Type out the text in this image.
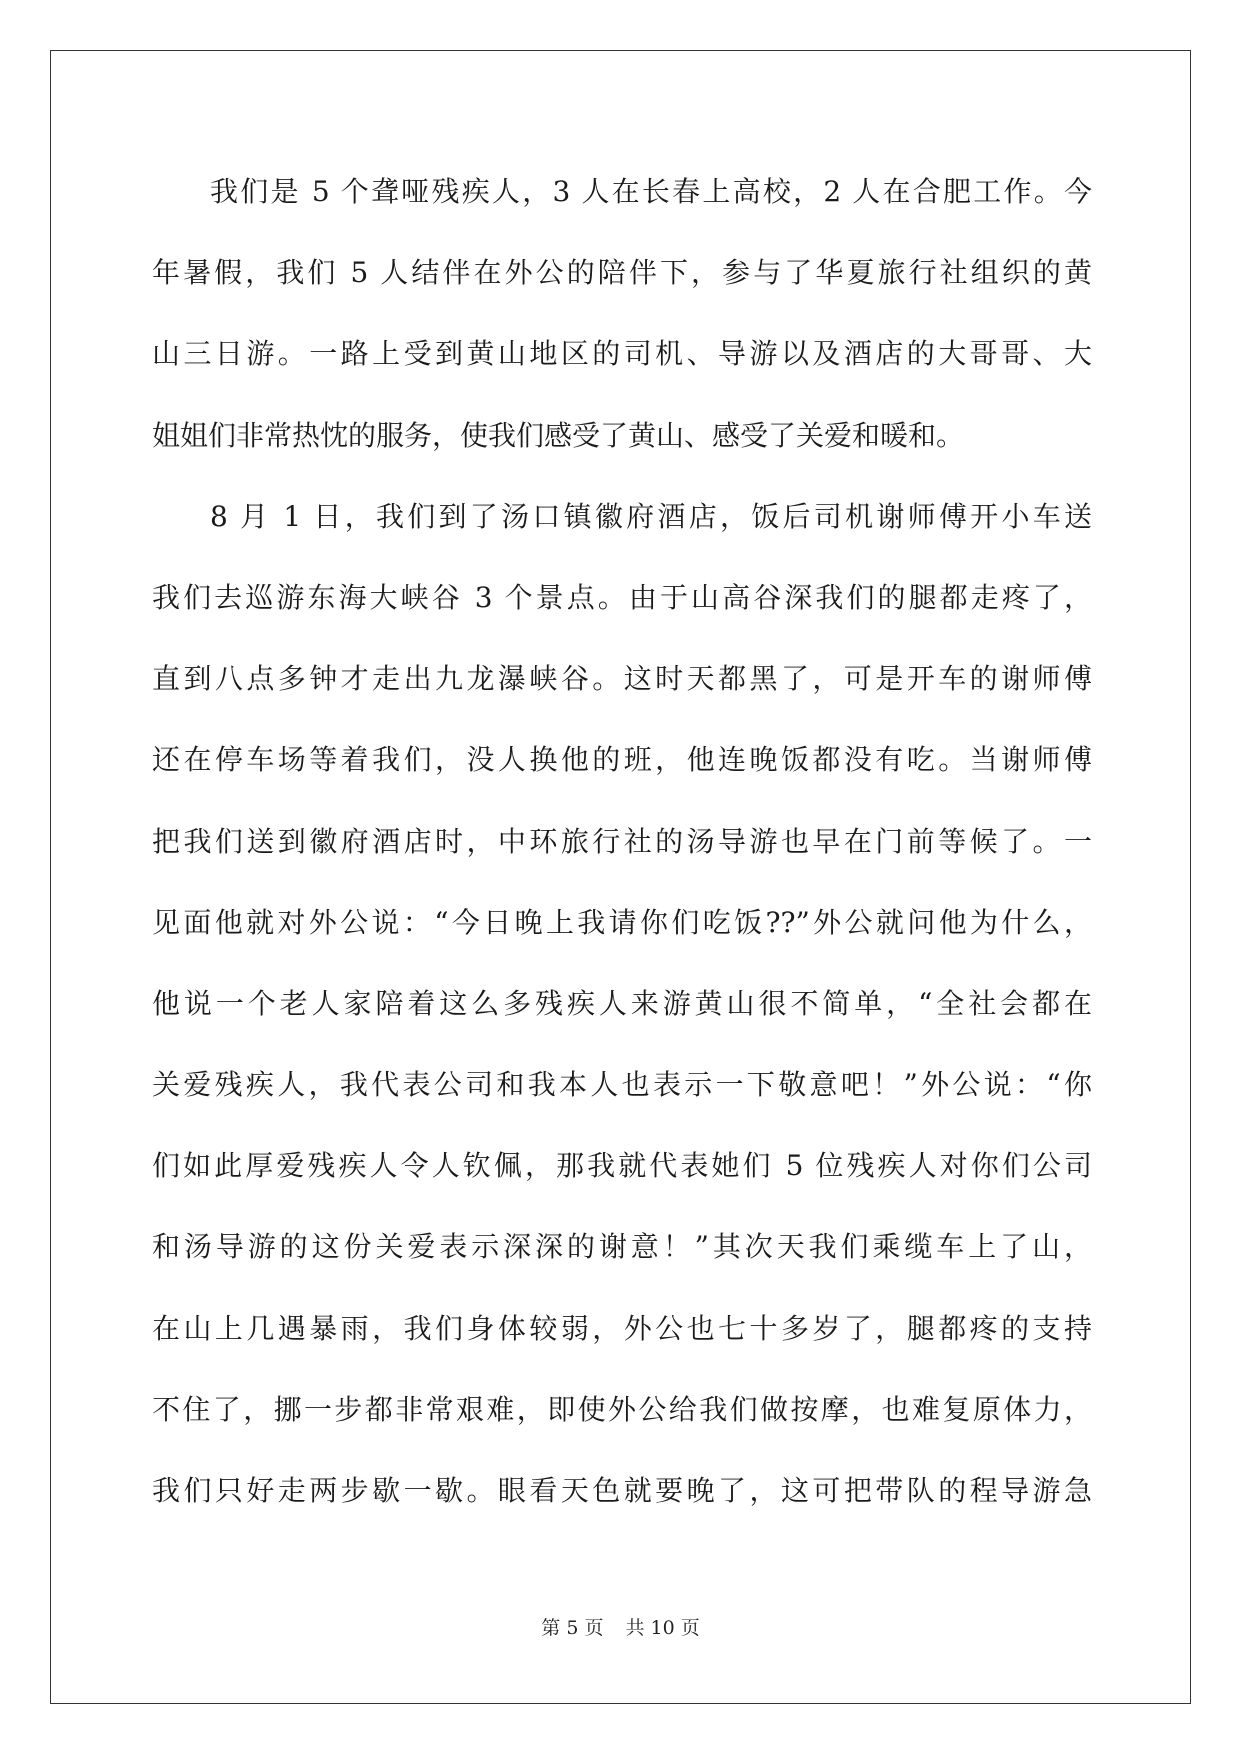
我们是 5 个聋哑残疾人，3 人在长春上高校，2 人在合肥工作。今
年暑假，我们 5 人结伴在外公的陪伴下，参与了华夏旅行社组织的黄
山三日游。一路上受到黄山地区的司机、导游以及酒店的大哥哥、大
姐姐们非常热忱的服务，使我们感受了黄山、感受了关爱和暖和。
8 月 1 日，我们到了汤口镇徽府酒店，饭后司机谢师傅开小车送
我们去巡游东海大峡谷 3 个景点。由于山高谷深我们的腿都走疼了，
直到八点多钟才走出九龙瀑峡谷。这时天都黑了，可是开车的谢师傅
还在停车场等着我们，没人换他的班，他连晚饭都没有吃。当谢师傅
把我们送到徽府酒店时，中环旅行社的汤导游也早在门前等候了。一
见面他就对外公说：“今日晚上我请你们吃饭??”外公就问他为什么，
他说一个老人家陪着这么多残疾人来游黄山很不简单，“全社会都在
关爱残疾人，我代表公司和我本人也表示一下敬意吧！”外公说：“你
们如此厚爱残疾人令人钦佩，那我就代表她们 5 位残疾人对你们公司
和汤导游的这份关爱表示深深的谢意！”其次天我们乘缆车上了山，
在山上几遇暴雨，我们身体较弱，外公也七十多岁了，腿都疼的支持
不住了，挪一步都非常艰难，即使外公给我们做按摩，也难复原体力，
我们只好走两步歇一歇。眼看天色就要晚了，这可把带队的程导游急
第 5 页 共 10 页
